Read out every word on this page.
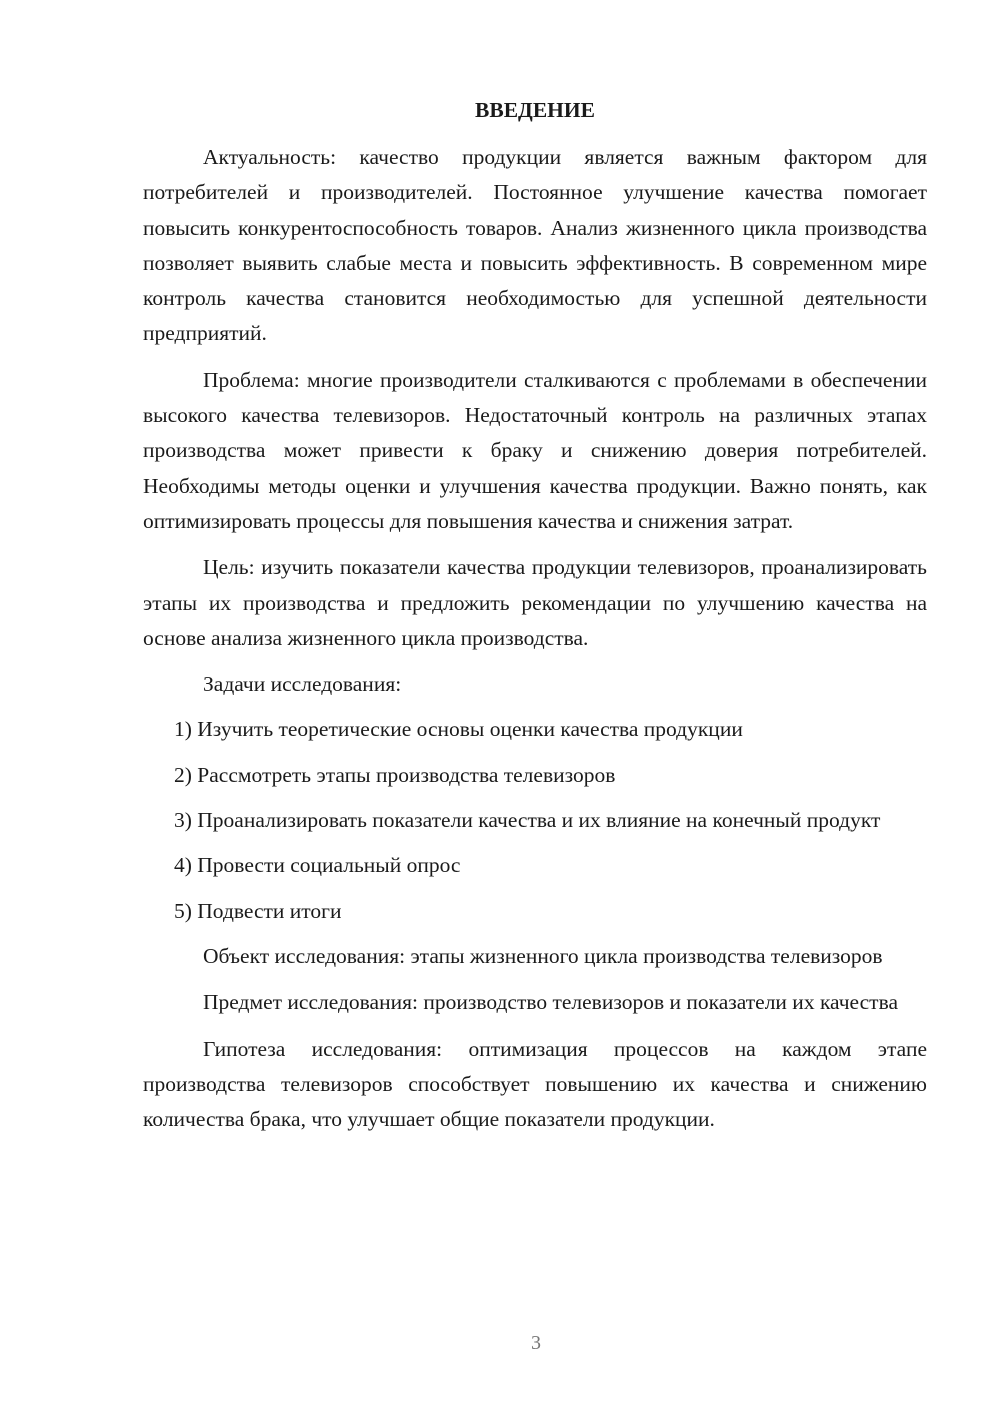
ВВЕДЕНИЕ

Актуальность: качество продукции является важным фактором для потребителей и производителей. Постоянное улучшение качества помогает повысить конкурентоспособность товаров. Анализ жизненного цикла производства позволяет выявить слабые места и повысить эффективность. В современном мире контроль качества становится необходимостью для успешной деятельности предприятий.

Проблема: многие производители сталкиваются с проблемами в обеспечении высокого качества телевизоров. Недостаточный контроль на различных этапах производства может привести к браку и снижению доверия потребителей. Необходимы методы оценки и улучшения качества продукции. Важно понять, как оптимизировать процессы для повышения качества и снижения затрат.

Цель: изучить показатели качества продукции телевизоров, проанализировать этапы их производства и предложить рекомендации по улучшению качества на основе анализа жизненного цикла производства.

Задачи исследования:

1) Изучить теоретические основы оценки качества продукции

2) Рассмотреть этапы производства телевизоров

3) Проанализировать показатели качества и их влияние на конечный продукт

4) Провести социальный опрос

5) Подвести итоги

Объект исследования: этапы жизненного цикла производства телевизоров

Предмет исследования: производство телевизоров и показатели их качества

Гипотеза исследования: оптимизация процессов на каждом этапе производства телевизоров способствует повышению их качества и снижению количества брака, что улучшает общие показатели продукции.

3
